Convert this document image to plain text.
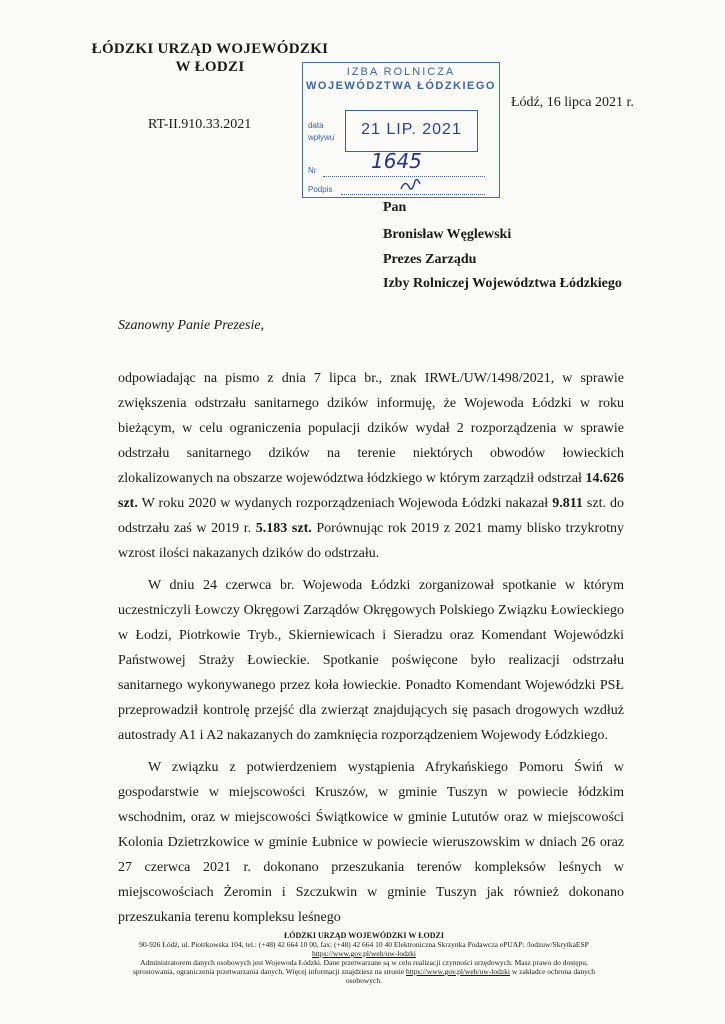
ŁÓDZKI URZĄD WOJEWÓDZKI
W ŁODZI
RT-II.910.33.2021
Łódź, 16 lipca 2021 r.
IZBA ROLNICZA
WOJEWÓDZTWA ŁÓDZKIEGO
data
wpływu	21 LIP. 2021
Nr	1645
Podpis
Pan
Bronisław Węglewski
Prezes Zarządu
Izby Rolniczej Województwa Łódzkiego
Szanowny Panie Prezesie,

odpowiadając na pismo z dnia 7 lipca br., znak IRWŁ/UW/1498/2021, w sprawie zwiększenia odstrzału sanitarnego dzików informuję, że Wojewoda Łódzki w roku bieżącym, w celu ograniczenia populacji dzików wydał 2 rozporządzenia w sprawie odstrzału sanitarnego dzików na terenie niektórych obwodów łowieckich zlokalizowanych na obszarze województwa łódzkiego w którym zarządził odstrzał 14.626 szt. W roku 2020 w wydanych rozporządzeniach Wojewoda Łódzki nakazał 9.811 szt. do odstrzału zaś w 2019 r. 5.183 szt. Porównując rok 2019 z 2021 mamy blisko trzykrotny wzrost ilości nakazanych dzików do odstrzału.

W dniu 24 czerwca br. Wojewoda Łódzki zorganizował spotkanie w którym uczestniczyli Łowczy Okręgowi Zarządów Okręgowych Polskiego Związku Łowieckiego w Łodzi, Piotrkowie Tryb., Skierniewicach i Sieradzu oraz Komendant Wojewódzki Państwowej Straży Łowieckie. Spotkanie poświęcone było realizacji odstrzału sanitarnego wykonywanego przez koła łowieckie. Ponadto Komendant Wojewódzki PSŁ przeprowadził kontrolę przejść dla zwierząt znajdujących się pasach drogowych wzdłuż autostrady A1 i A2 nakazanych do zamknięcia rozporządzeniem Wojewody Łódzkiego.

W związku z potwierdzeniem wystąpienia Afrykańskiego Pomoru Świń w gospodarstwie w miejscowości Kruszów, w gminie Tuszyn w powiecie łódzkim wschodnim, oraz w miejscowości Świątkowice w gminie Lututów oraz w miejscowości Kolonia Dzietrzkowice w gminie Łubnice w powiecie wieruszowskim w dniach 26 oraz 27 czerwca 2021 r. dokonano przeszukania terenów kompleksów leśnych w miejscowościach Żeromin i Szczukwin w gminie Tuszyn jak również dokonano przeszukania terenu kompleksu leśnego

ŁÓDZKI URZĄD WOJEWÓDZKI W ŁODZI
90-926 Łódź, ul. Piotrkowska 104, tel.: (+48) 42 664 10 00, fax: (+48) 42 664 10 40 Elektroniczna Skrzynka Podawcza ePUAP: /lodzuw/SkrytkaESP
https://www.gov.pl/web/uw-lodzki
Administratorem danych osobowych jest Wojewoda Łódzki. Dane przetwarzane są w celu realizacji czynności urzędowych. Masz prawo do dostępu,
sprostowania, ograniczenia przetwarzania danych. Więcej informacji znajdziesz na stronie https://www.gov.pl/web/uw-lodzki w zakładce ochrona danych
osobowych.
